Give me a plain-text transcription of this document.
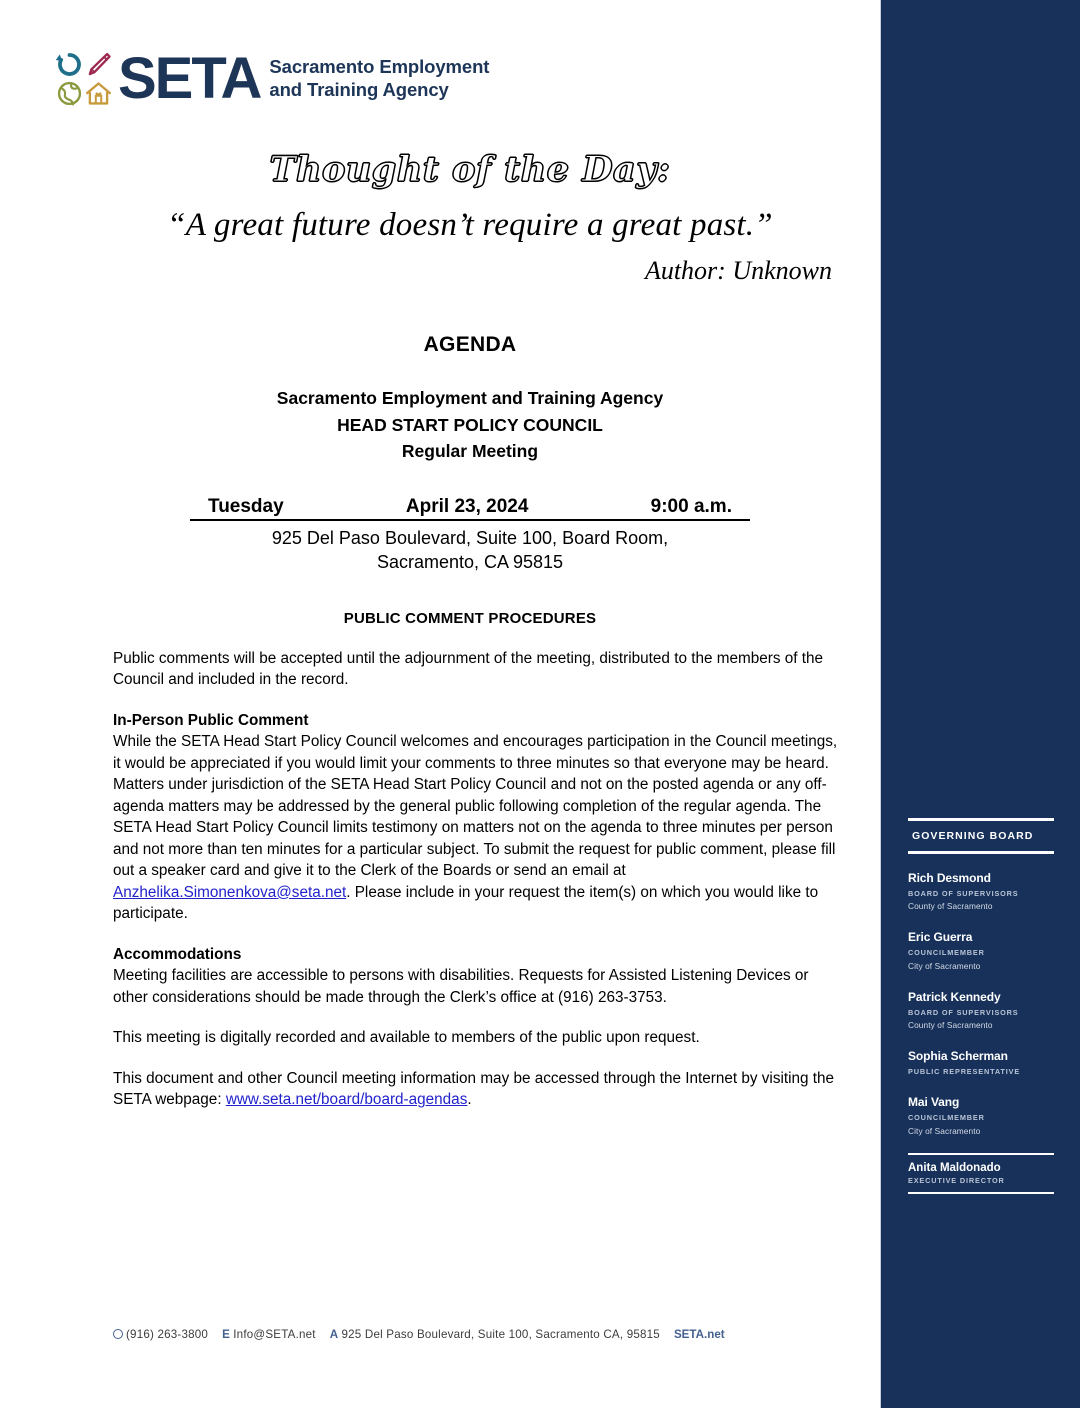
GOVERNING BOARD
Rich Desmond
BOARD OF SUPERVISORS
County of Sacramento
Eric Guerra
COUNCILMEMBER
City of Sacramento
Patrick Kennedy
BOARD OF SUPERVISORS
County of Sacramento
Sophia Scherman
PUBLIC REPRESENTATIVE
Mai Vang
COUNCILMEMBER
City of Sacramento
Anita Maldonado
EXECUTIVE DIRECTOR
SETA Sacramento Employment
and Training Agency
Thought of the Day:
“A great future doesn’t require a great past.”
Author: Unknown
AGENDA
Sacramento Employment and Training Agency
HEAD START POLICY COUNCIL
Regular Meeting
Tuesday	April 23, 2024	9:00 a.m.
925 Del Paso Boulevard, Suite 100, Board Room,
Sacramento, CA 95815
PUBLIC COMMENT PROCEDURES

Public comments will be accepted until the adjournment of the meeting, distributed to the members of the Council and included in the record.

In-Person Public Comment

While the SETA Head Start Policy Council welcomes and encourages participation in the Council meetings, it would be appreciated if you would limit your comments to three minutes so that everyone may be heard. Matters under jurisdiction of the SETA Head Start Policy Council and not on the posted agenda or any off-agenda matters may be addressed by the general public following completion of the regular agenda. The SETA Head Start Policy Council limits testimony on matters not on the agenda to three minutes per person and not more than ten minutes for a particular subject. To submit the request for public comment, please fill out a speaker card and give it to the Clerk of the Boards or send an email at Anzhelika.Simonenkova@seta.net. Please include in your request the item(s) on which you would like to participate.

Accommodations

Meeting facilities are accessible to persons with disabilities. Requests for Assisted Listening Devices or other considerations should be made through the Clerk’s office at (916) 263-3753.

This meeting is digitally recorded and available to members of the public upon request.

This document and other Council meeting information may be accessed through the Internet by visiting the SETA webpage: www.seta.net/board/board-agendas.

(916) 263-3800 E Info@SETA.net A 925 Del Paso Boulevard, Suite 100, Sacramento CA, 95815 SETA.net
